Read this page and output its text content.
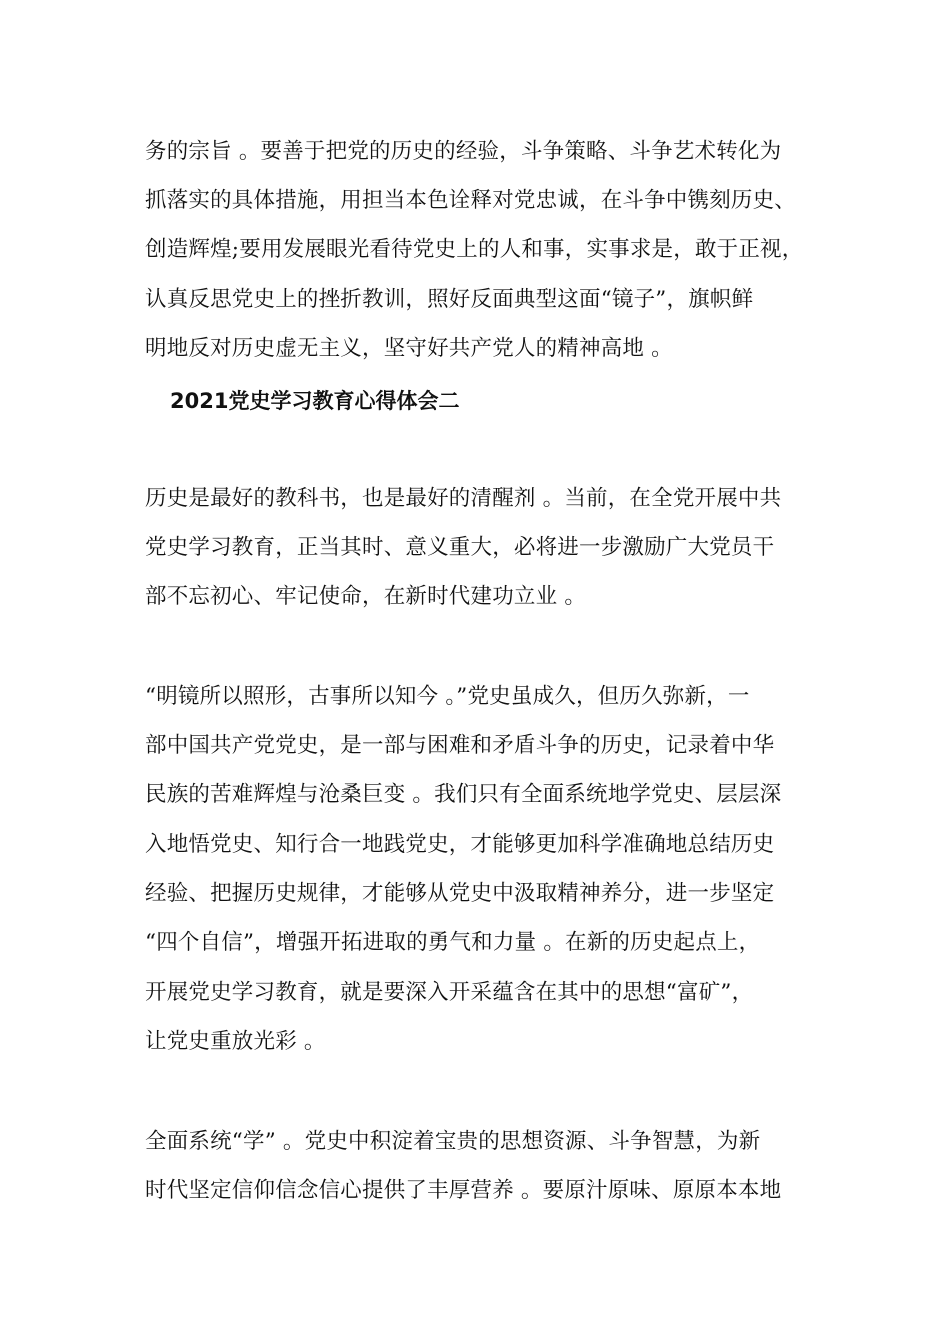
务的宗旨 。要善于把党的历史的经验，斗争策略、斗争艺术转化为
抓落实的具体措施，用担当本色诠释对党忠诚，在斗争中镌刻历史、
创造辉煌;要用发展眼光看待党史上的人和事，实事求是，敢于正视，
认真反思党史上的挫折教训，照好反面典型这面“镜子”，旗帜鲜
明地反对历史虚无主义，坚守好共产党人的精神高地 。
2021党史学习教育心得体会二
历史是最好的教科书，也是最好的清醒剂 。当前，在全党开展中共
党史学习教育，正当其时、意义重大，必将进一步激励广大党员干
部不忘初心、牢记使命，在新时代建功立业 。
“明镜所以照形，古事所以知今 。”党史虽成久，但历久弥新，一
部中国共产党党史，是一部与困难和矛盾斗争的历史，记录着中华
民族的苦难辉煌与沧桑巨变 。我们只有全面系统地学党史、层层深
入地悟党史、知行合一地践党史，才能够更加科学准确地总结历史
经验、把握历史规律，才能够从党史中汲取精神养分，进一步坚定
“四个自信”，增强开拓进取的勇气和力量 。在新的历史起点上，
开展党史学习教育，就是要深入开采蕴含在其中的思想“富矿”，
让党史重放光彩 。
全面系统“学” 。党史中积淀着宝贵的思想资源、斗争智慧，为新
时代坚定信仰信念信心提供了丰厚营养 。要原汁原味、原原本本地
